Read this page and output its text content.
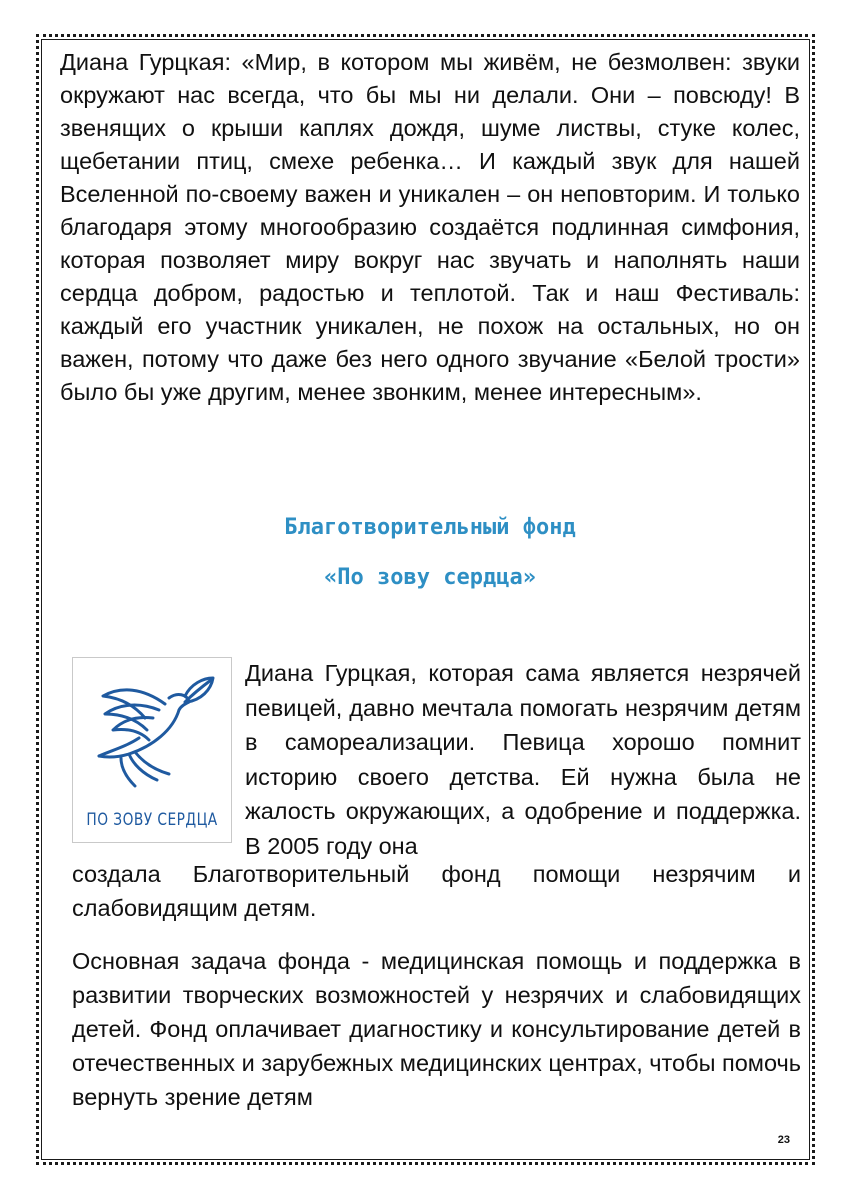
Диана Гурцкая: «Мир, в котором мы живём, не безмолвен: звуки окружают нас всегда, что бы мы ни делали. Они – повсюду! В звенящих о крыши каплях дождя, шуме листвы, стуке колес, щебетании птиц, смехе ребенка… И каждый звук для нашей Вселенной по-своему важен и уникален – он неповторим. И только благодаря этому многообразию создаётся подлинная симфония, которая позволяет миру вокруг нас звучать и наполнять наши сердца добром, радостью и теплотой. Так и наш Фестиваль: каждый его участник уникален, не похож на остальных, но он важен, потому что даже без него одного звучание «Белой трости» было бы уже другим, менее звонким, менее интересным».

Благотворительный фонд
«По зову сердца»
ПО ЗОВУ СЕРДЦА

Диана Гурцкая, которая сама является незрячей певицей, давно мечтала помогать незрячим детям в самореализации. Певица хорошо помнит историю своего детства. Ей нужна была не жалость окружающих, а одобрение и поддержка. В 2005 году она

создала Благотворительный фонд помощи незрячим и слабовидящим детям.

Основная задача фонда - медицинская помощь и поддержка в развитии творческих возможностей у незрячих и слабовидящих детей. Фонд оплачивает диагностику и консультирование детей в отечественных и зарубежных медицинских центрах, чтобы помочь вернуть зрение детям

23
